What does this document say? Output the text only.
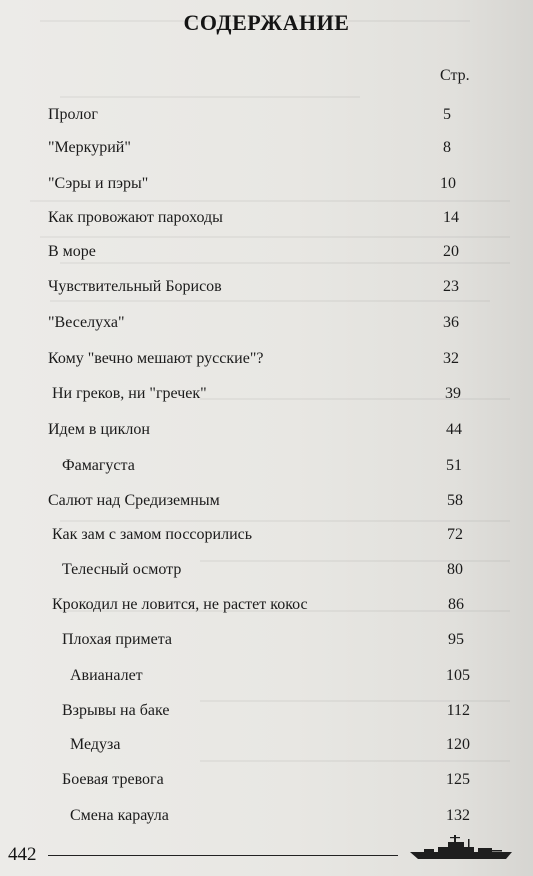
СОДЕРЖАНИЕ
Стр.
Пролог	5
"Меркурий"	8
"Сэры и пэры"	10
Как провожают пароходы	14
В море	20
Чувствительный Борисов	23
"Веселуха"	36
Кому "вечно мешают русские"?	32
Ни греков, ни "гречек"	39
Идем в циклон	44
Фамагуста	51
Салют над Средиземным	58
Как зам с замом поссорились	72
Телесный осмотр	80
Крокодил не ловится, не растет кокос	86
Плохая примета	95
Авианалет	105
Взрывы на баке	112
Медуза	120
Боевая тревога	125
Смена караула	132
442
